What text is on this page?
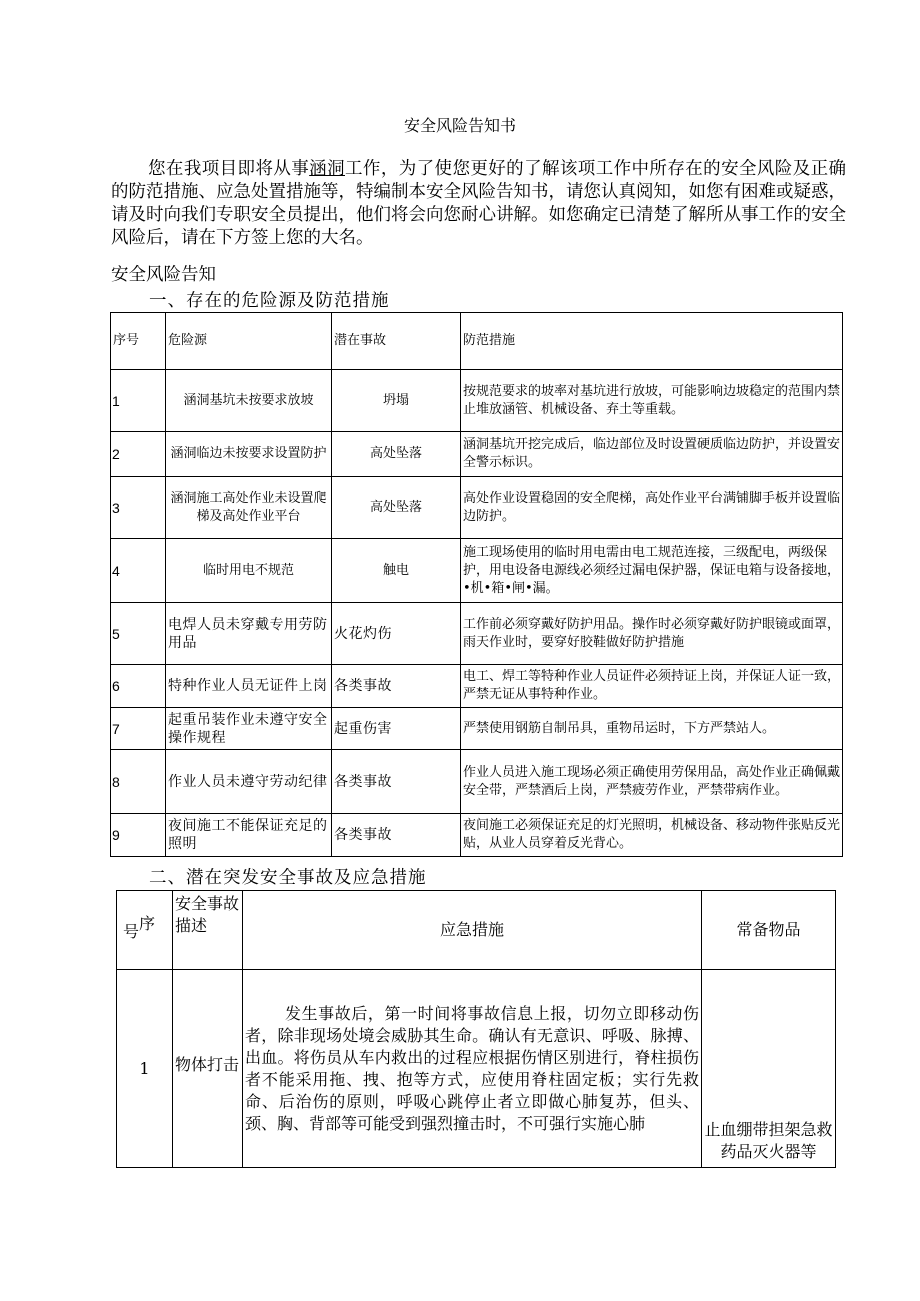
安全风险告知书
您在我项目即将从事涵洞工作，为了使您更好的了解该项工作中所存在的安全风险及正确的防范措施、应急处置措施等，特编制本安全风险告知书，请您认真阅知，如您有困难或疑惑，请及时向我们专职安全员提出，他们将会向您耐心讲解。如您确定已清楚了解所从事工作的安全风险后，请在下方签上您的大名。
安全风险告知
一、存在的危险源及防范措施
序号	危险源	潜在事故	防范措施
1	涵洞基坑未按要求放坡	坍塌	按规范要求的坡率对基坑进行放坡，可能影响边坡稳定的范围内禁止堆放涵管、机械设备、弃土等重载。
2	涵洞临边未按要求设置防护	高处坠落	涵洞基坑开挖完成后，临边部位及时设置硬质临边防护，并设置安全警示标识。
3	涵洞施工高处作业未设置爬梯及高处作业平台	高处坠落	高处作业设置稳固的安全爬梯，高处作业平台满铺脚手板并设置临边防护。
4	临时用电不规范	触电	施工现场使用的临时用电需由电工规范连接，三级配电，两级保护，用电设备电源线必须经过漏电保护器，保证电箱与设备接地，•机•箱•闸•漏。
5	电焊人员未穿戴专用劳防用品	火花灼伤	工作前必须穿戴好防护用品。操作时必须穿戴好防护眼镜或面罩，雨天作业时，要穿好胶鞋做好防护措施
6	特种作业人员无证件上岗	各类事故	电工、焊工等特种作业人员证件必须持证上岗，并保证人证一致，严禁无证从事特种作业。
7	起重吊装作业未遵守安全操作规程	起重伤害	严禁使用钢筋自制吊具，重物吊运时，下方严禁站人。
8	作业人员未遵守劳动纪律	各类事故	作业人员进入施工现场必须正确使用劳保用品，高处作业正确佩戴安全带，严禁酒后上岗，严禁疲劳作业，严禁带病作业。
9	夜间施工不能保证充足的照明	各类事故	夜间施工必须保证充足的灯光照明，机械设备、移动物件张贴反光贴，从业人员穿着反光背心。
二、潜在突发安全事故及应急措施
号序	安全事故描述	应急措施	常备物品
1	物体打击	发生事故后，第一时间将事故信息上报，切勿立即移动伤者，除非现场处境会威胁其生命。确认有无意识、呼吸、脉搏、出血。将伤员从车内救出的过程应根据伤情区别进行，脊柱损伤者不能采用拖、拽、抱等方式，应使用脊柱固定板；实行先救命、后治伤的原则，呼吸心跳停止者立即做心肺复苏，但头、颈、胸、背部等可能受到强烈撞击时，不可强行实施心肺	止血绷带担架急救药品灭火器等
